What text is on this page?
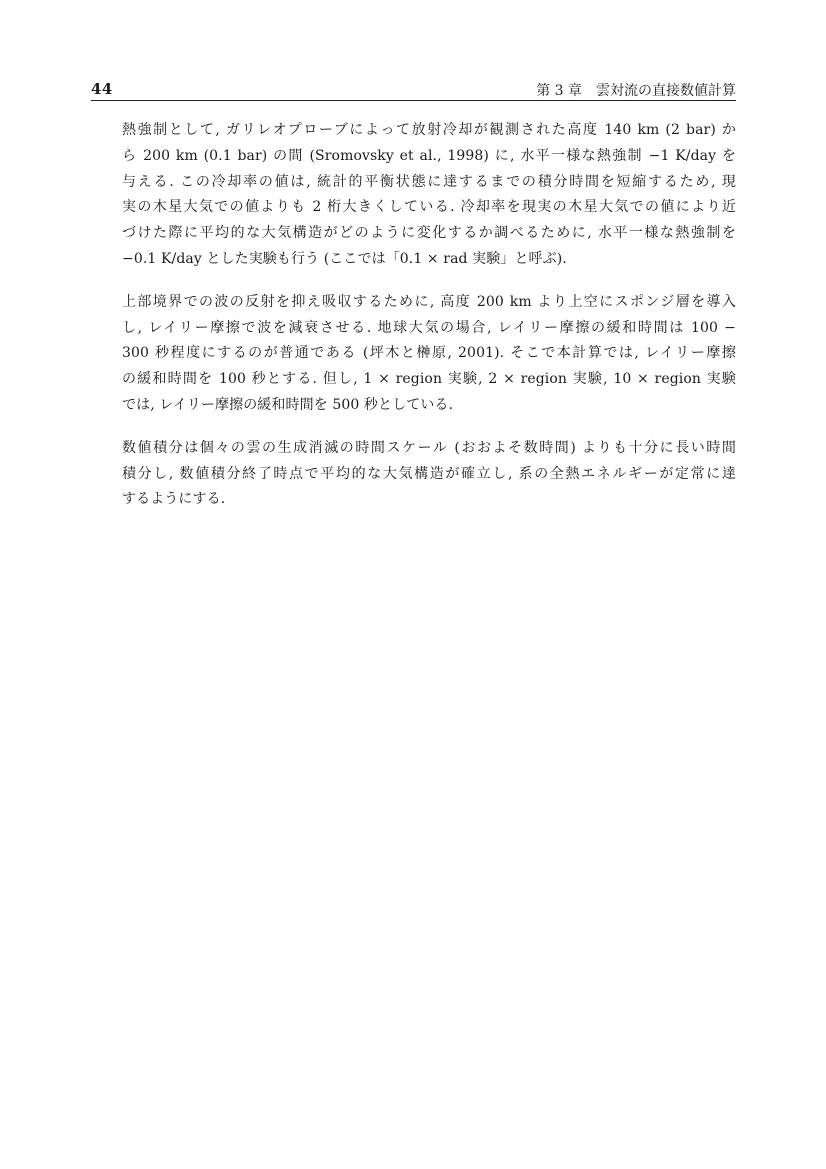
44	第 3 章　雲対流の直接数値計算

熱強制として, ガリレオプローブによって放射冷却が観測された高度 140 km (2 bar) か
ら 200 km (0.1 bar) の間 (Sromovsky et al., 1998) に, 水平一様な熱強制 −1 K/day を
与える. この冷却率の値は, 統計的平衡状態に達するまでの積分時間を短縮するため, 現
実の木星大気での値よりも 2 桁大きくしている. 冷却率を現実の木星大気での値により近
づけた際に平均的な大気構造がどのように変化するか調べるために, 水平一様な熱強制を
−0.1 K/day とした実験も行う (ここでは「0.1 × rad 実験」と呼ぶ).

上部境界での波の反射を抑え吸収するために, 高度 200 km より上空にスポンジ層を導入
し, レイリー摩擦で波を減衰させる. 地球大気の場合, レイリー摩擦の緩和時間は 100 −
300 秒程度にするのが普通である (坪木と榊原, 2001). そこで本計算では, レイリー摩擦
の緩和時間を 100 秒とする. 但し, 1 × region 実験, 2 × region 実験, 10 × region 実験
では, レイリー摩擦の緩和時間を 500 秒としている.

数値積分は個々の雲の生成消滅の時間スケール (おおよそ数時間) よりも十分に長い時間
積分し, 数値積分終了時点で平均的な大気構造が確立し, 系の全熱エネルギーが定常に達
するようにする.
